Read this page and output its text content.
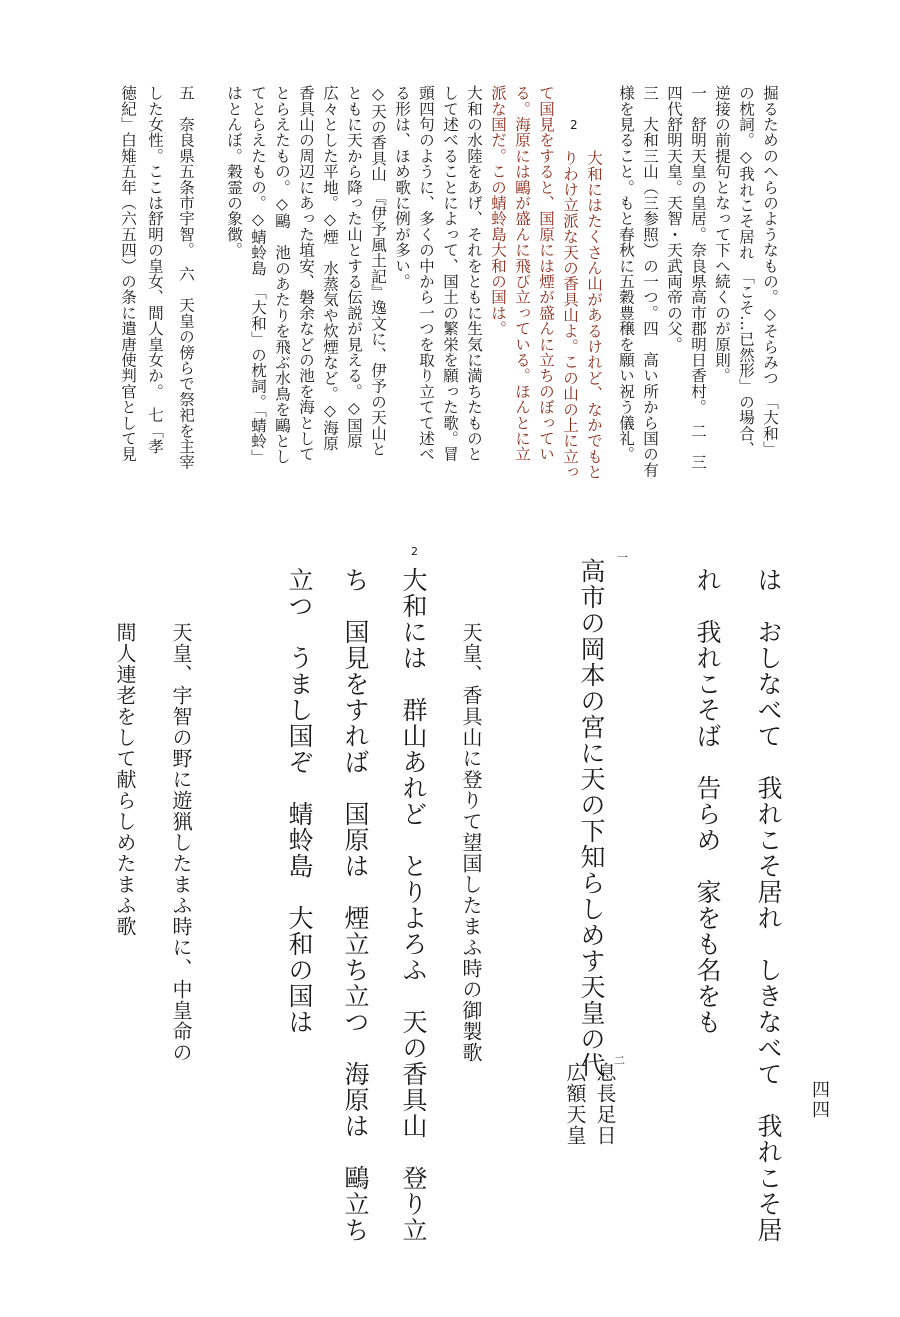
四四
は　おしなべて　我れこそ居れ　しきなべて　我れこそ居
れ　我れこそば　告らめ　家をも名をも
一
高市の岡本の宮に天の下知らしめす天皇の代 二
息長足日
広額天皇
天皇、香具山に登りて望国したまふ時の御製歌
2
大和には　群山あれど　とりよろふ　天の香具山　登り立
ち　国見をすれば　国原は　煙立ち立つ　海原は　鷗立ち
立つ　うまし国ぞ　蜻蛉島　大和の国は
天皇、宇智の野に遊猟したまふ時に、中皇命の
間人連老をして献らしめたまふ歌
掘るためのへらのようなもの。◇そらみつ　「大和」
の枕詞。◇我れこそ居れ　「こそ…已然形」の場合、
逆接の前提句となって下へ続くのが原則。
一　舒明天皇の皇居。奈良県高市郡明日香村。　二　三
四代舒明天皇。天智・天武両帝の父。
三　大和三山（三参照）の一つ。四　高い所から国の有
様を見ること。もと春秋に五穀豊穣を願い祝う儀礼。
2
大和にはたくさん山があるけれど、なかでもと
りわけ立派な天の香具山よ。この山の上に立っ
て国見をすると、国原には煙が盛んに立ちのぼってい
る。海原には鷗が盛んに飛び立っている。ほんとに立
派な国だ。この蜻蛉島大和の国は。
大和の水陸をあげ、それをともに生気に満ちたものと
して述べることによって、国土の繁栄を願った歌。冒
頭四句のように、多くの中から一つを取り立てて述べ
る形は、ほめ歌に例が多い。
◇天の香具山　『伊予風土記』逸文に、伊予の天山と
ともに天から降った山とする伝説が見える。◇国原
広々とした平地。◇煙　水蒸気や炊煙など。◇海原
香具山の周辺にあった埴安、磐余などの池を海として
とらえたもの。◇鷗　池のあたりを飛ぶ水鳥を鷗とし
てとらえたもの。◇蜻蛉島　「大和」の枕詞。「蜻蛉」
はとんぼ。穀霊の象徴。
五　奈良県五条市宇智。　六　天皇の傍らで祭祀を主宰
した女性。ここは舒明の皇女、間人皇女か。　七「孝
徳紀」白雉五年（六五四）の条に遣唐使判官として見
